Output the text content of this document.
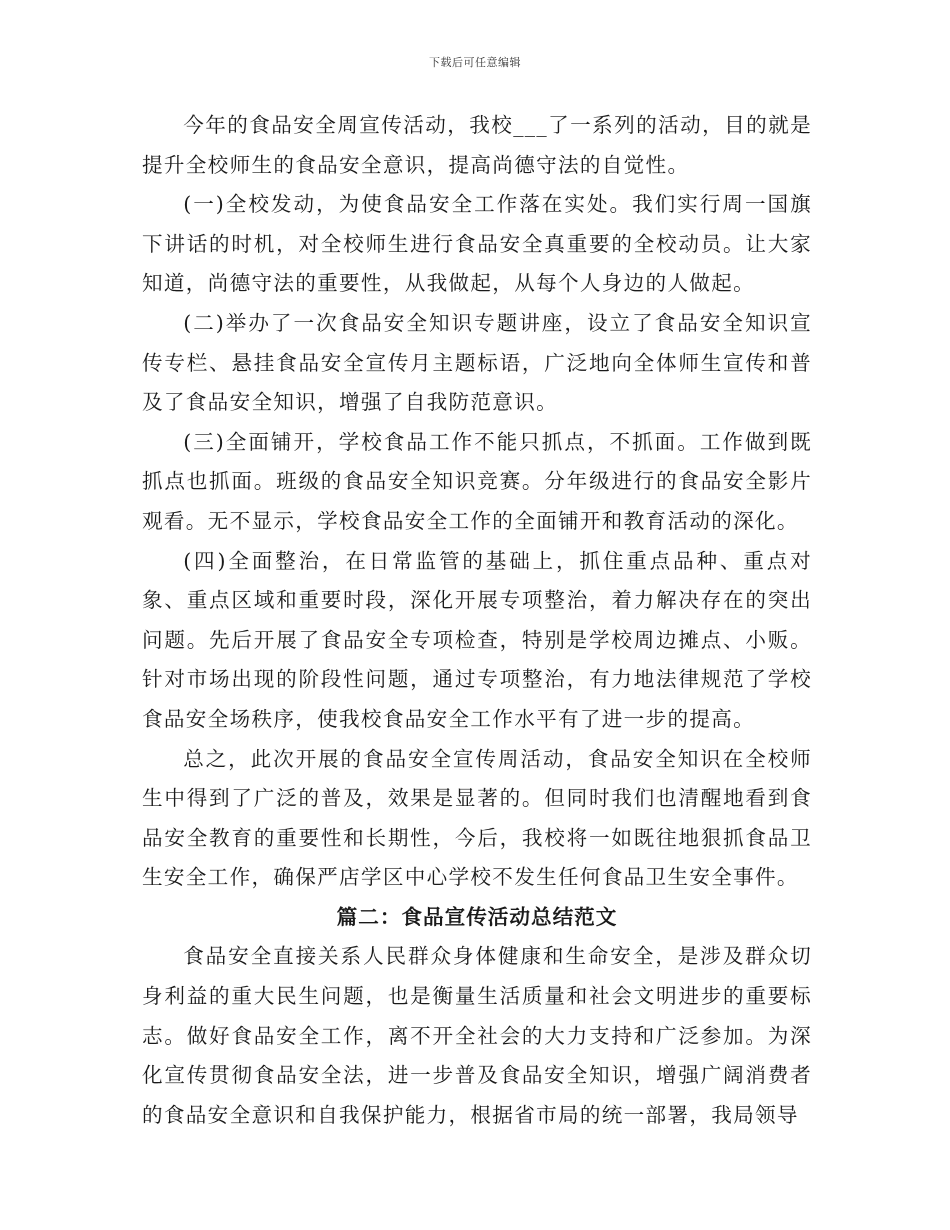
下载后可任意编辑

今年的食品安全周宣传活动，我校___了一系列的活动，目的就是提升全校师生的食品安全意识，提高尚德守法的自觉性。

(一)全校发动，为使食品安全工作落在实处。我们实行周一国旗下讲话的时机，对全校师生进行食品安全真重要的全校动员。让大家知道，尚德守法的重要性，从我做起，从每个人身边的人做起。

(二)举办了一次食品安全知识专题讲座，设立了食品安全知识宣传专栏、悬挂食品安全宣传月主题标语，广泛地向全体师生宣传和普及了食品安全知识，增强了自我防范意识。

(三)全面铺开，学校食品工作不能只抓点，不抓面。工作做到既抓点也抓面。班级的食品安全知识竞赛。分年级进行的食品安全影片观看。无不显示，学校食品安全工作的全面铺开和教育活动的深化。

(四)全面整治，在日常监管的基础上，抓住重点品种、重点对象、重点区域和重要时段，深化开展专项整治，着力解决存在的突出问题。先后开展了食品安全专项检查，特别是学校周边摊点、小贩。针对市场出现的阶段性问题，通过专项整治，有力地法律规范了学校食品安全场秩序，使我校食品安全工作水平有了进一步的提高。

总之，此次开展的食品安全宣传周活动，食品安全知识在全校师生中得到了广泛的普及，效果是显著的。但同时我们也清醒地看到食品安全教育的重要性和长期性，今后，我校将一如既往地狠抓食品卫生安全工作，确保严店学区中心学校不发生任何食品卫生安全事件。

篇二：食品宣传活动总结范文

食品安全直接关系人民群众身体健康和生命安全，是涉及群众切身利益的重大民生问题，也是衡量生活质量和社会文明进步的重要标志。做好食品安全工作，离不开全社会的大力支持和广泛参加。为深化宣传贯彻食品安全法，进一步普及食品安全知识，增强广阔消费者的食品安全意识和自我保护能力，根据省市局的统一部署，我局领导
